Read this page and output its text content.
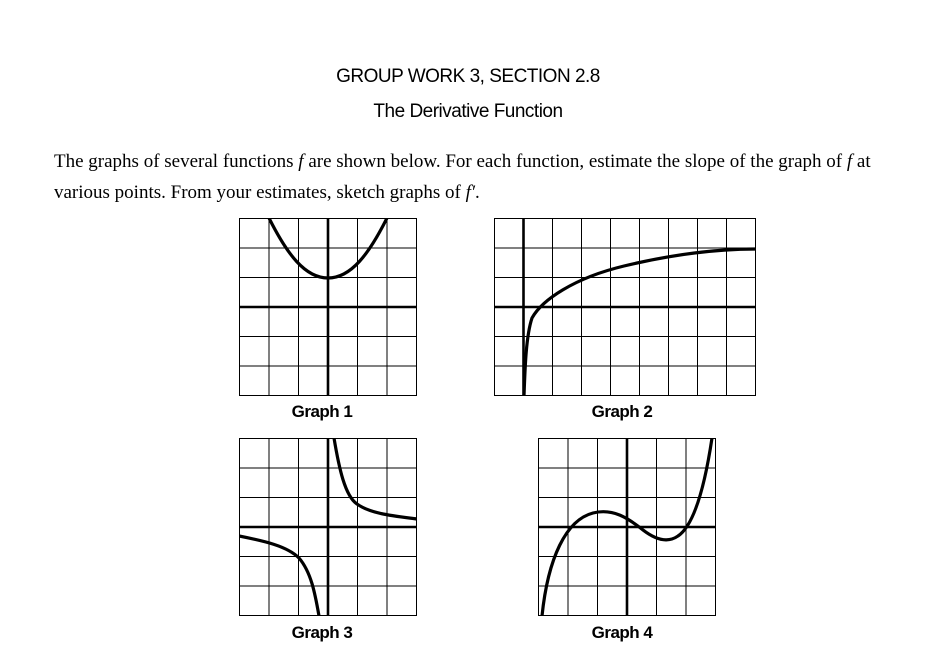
GROUP WORK 3, SECTION 2.8
The Derivative Function
The graphs of several functions f are shown below. For each function, estimate the slope of the graph of f at various points. From your estimates, sketch graphs of f′.
Graph 1	Graph 2
Graph 3	Graph 4
